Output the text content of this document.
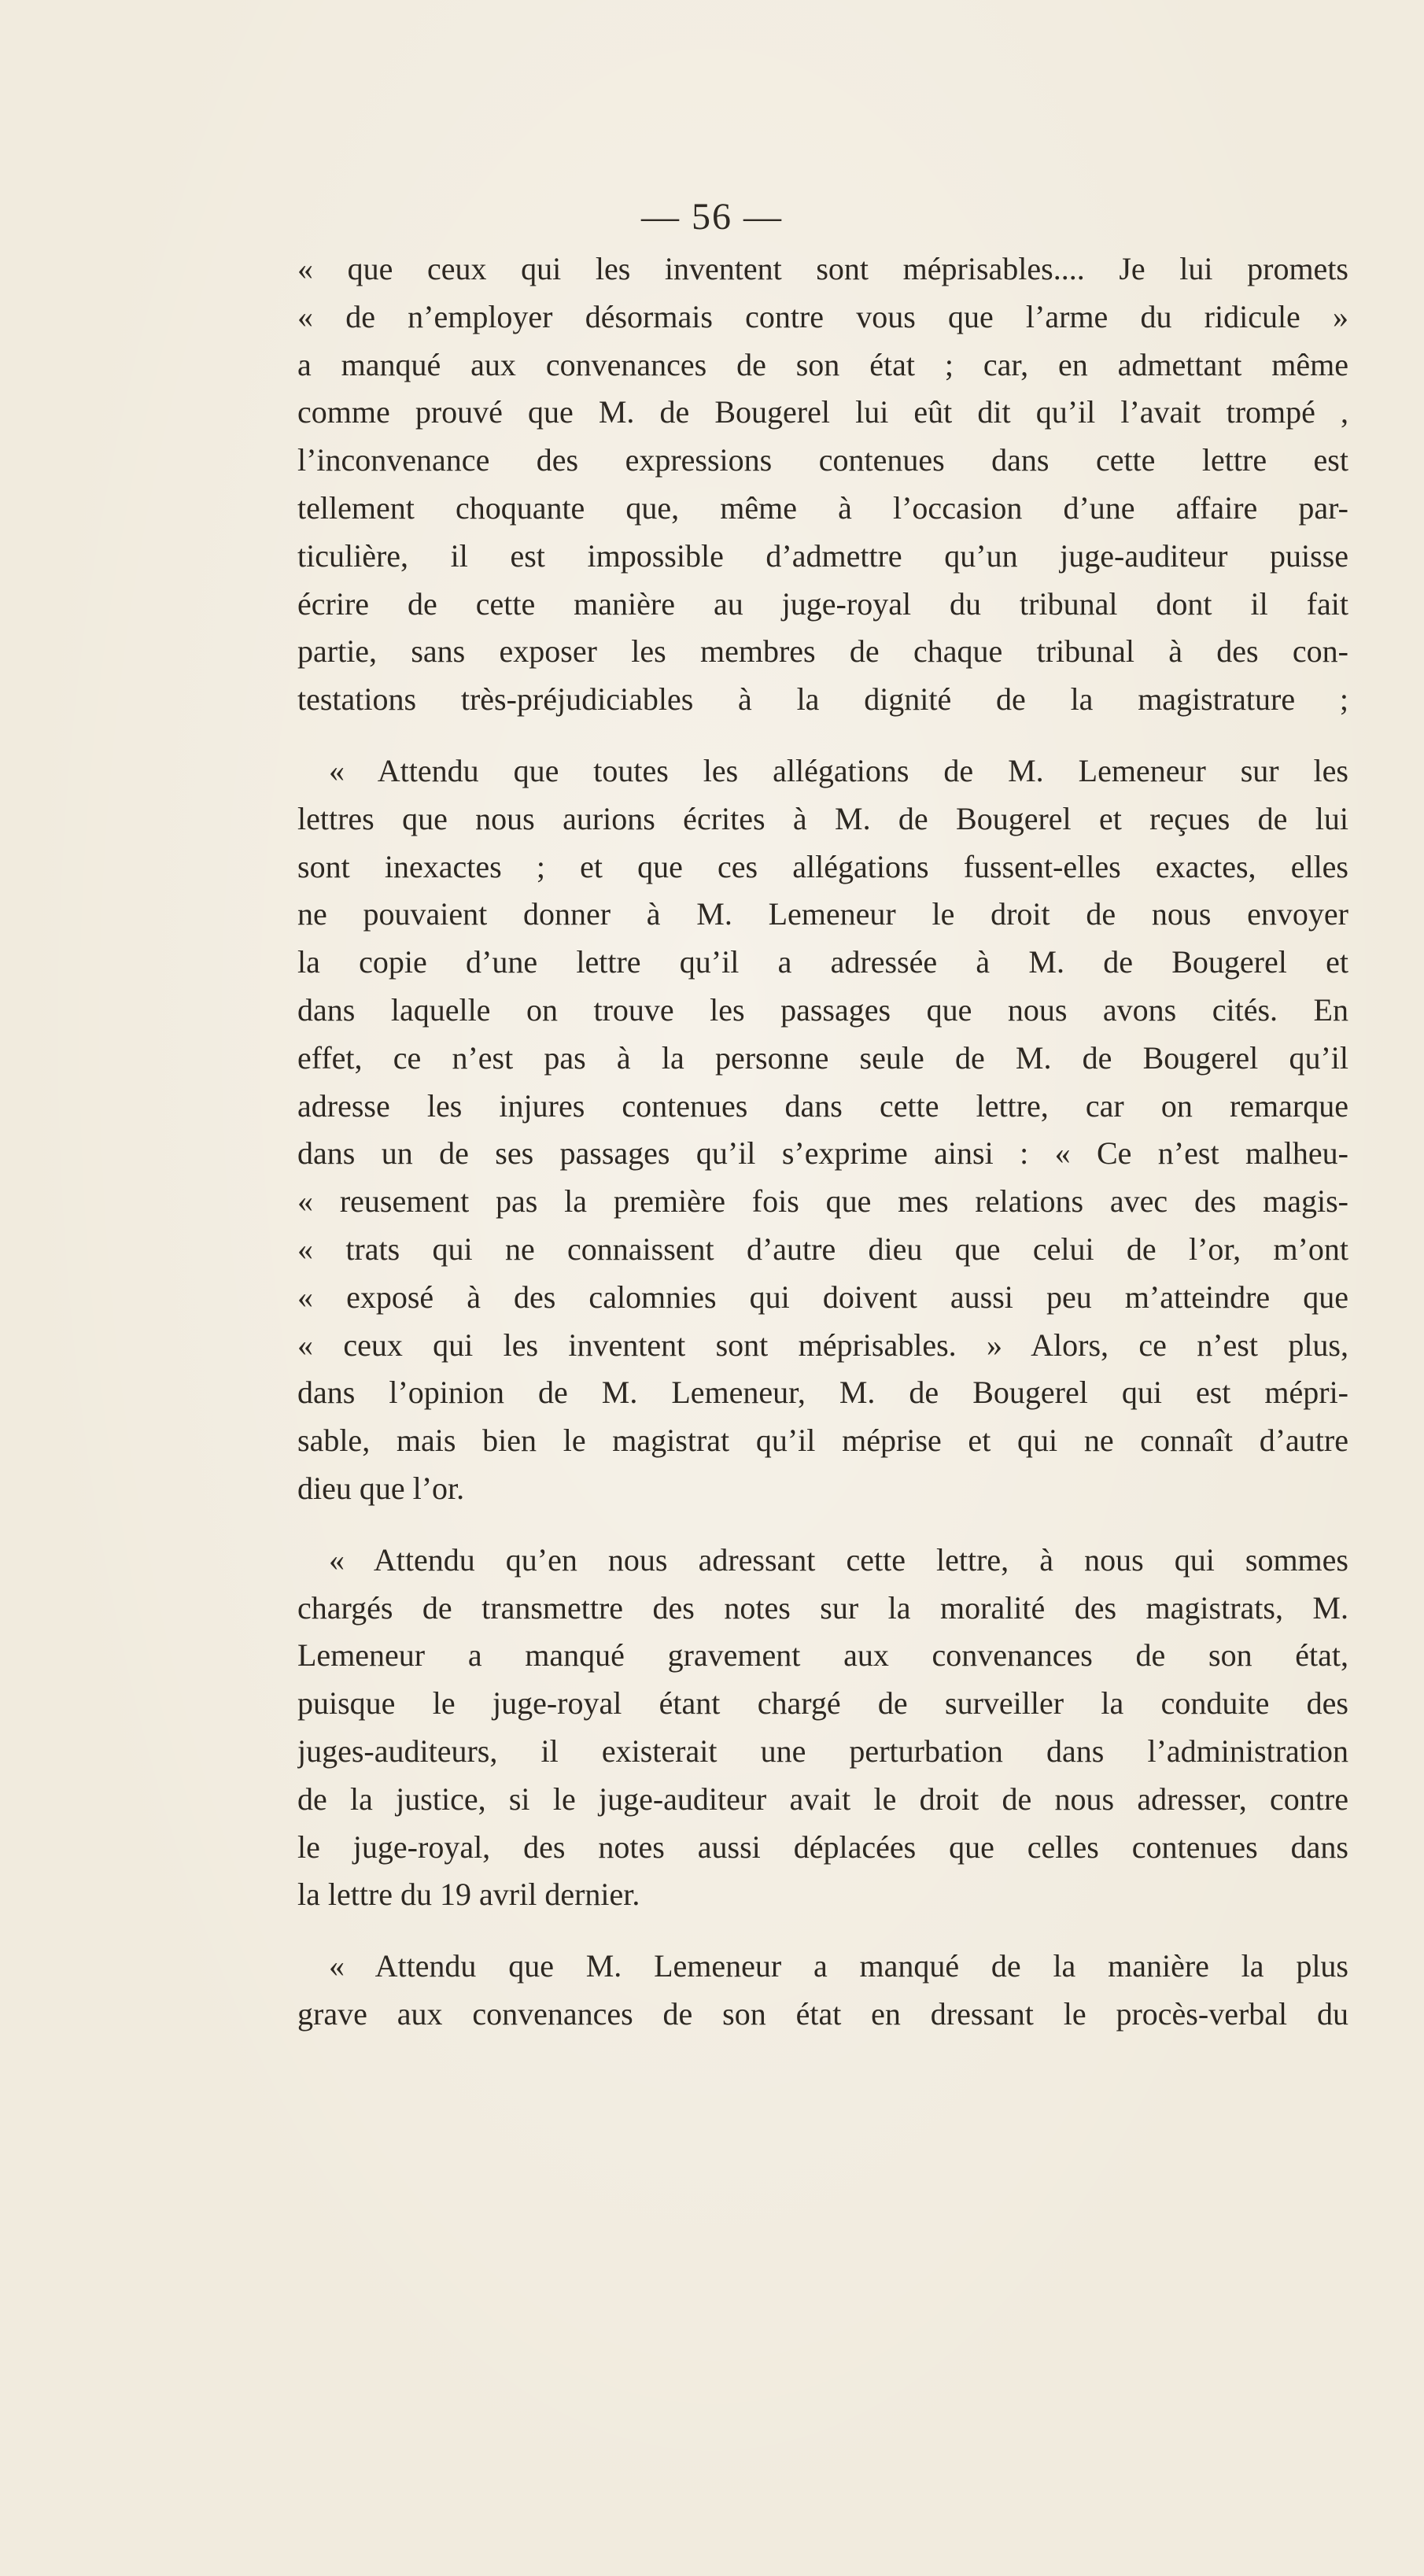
— 56 —
« que ceux qui les inventent sont méprisables.... Je lui promets
« de n’employer désormais contre vous que l’arme du ridicule »
a manqué aux convenances de son état ; car, en admettant même
comme prouvé que M. de Bougerel lui eût dit qu’il l’avait trompé ,
l’inconvenance des expressions contenues dans cette lettre est
tellement choquante que, même à l’occasion d’une affaire par-
ticulière, il est impossible d’admettre qu’un juge-auditeur puisse
écrire de cette manière au juge-royal du tribunal dont il fait
partie, sans exposer les membres de chaque tribunal à des con-
testations très-préjudiciables à la dignité de la magistrature ;
« Attendu que toutes les allégations de M. Lemeneur sur les
lettres que nous aurions écrites à M. de Bougerel et reçues de lui
sont inexactes ; et que ces allégations fussent-elles exactes, elles
ne pouvaient donner à M. Lemeneur le droit de nous envoyer
la copie d’une lettre qu’il a adressée à M. de Bougerel et
dans laquelle on trouve les passages que nous avons cités. En
effet, ce n’est pas à la personne seule de M. de Bougerel qu’il
adresse les injures contenues dans cette lettre, car on remarque
dans un de ses passages qu’il s’exprime ainsi : « Ce n’est malheu-
« reusement pas la première fois que mes relations avec des magis-
« trats qui ne connaissent d’autre dieu que celui de l’or, m’ont
« exposé à des calomnies qui doivent aussi peu m’atteindre que
« ceux qui les inventent sont méprisables. » Alors, ce n’est plus,
dans l’opinion de M. Lemeneur, M. de Bougerel qui est mépri-
sable, mais bien le magistrat qu’il méprise et qui ne connaît d’autre
dieu que l’or.
« Attendu qu’en nous adressant cette lettre, à nous qui sommes
chargés de transmettre des notes sur la moralité des magistrats, M.
Lemeneur a manqué gravement aux convenances de son état,
puisque le juge-royal étant chargé de surveiller la conduite des
juges-auditeurs, il existerait une perturbation dans l’administration
de la justice, si le juge-auditeur avait le droit de nous adresser, contre
le juge-royal, des notes aussi déplacées que celles contenues dans
la lettre du 19 avril dernier.
« Attendu que M. Lemeneur a manqué de la manière la plus
grave aux convenances de son état en dressant le procès-verbal du
